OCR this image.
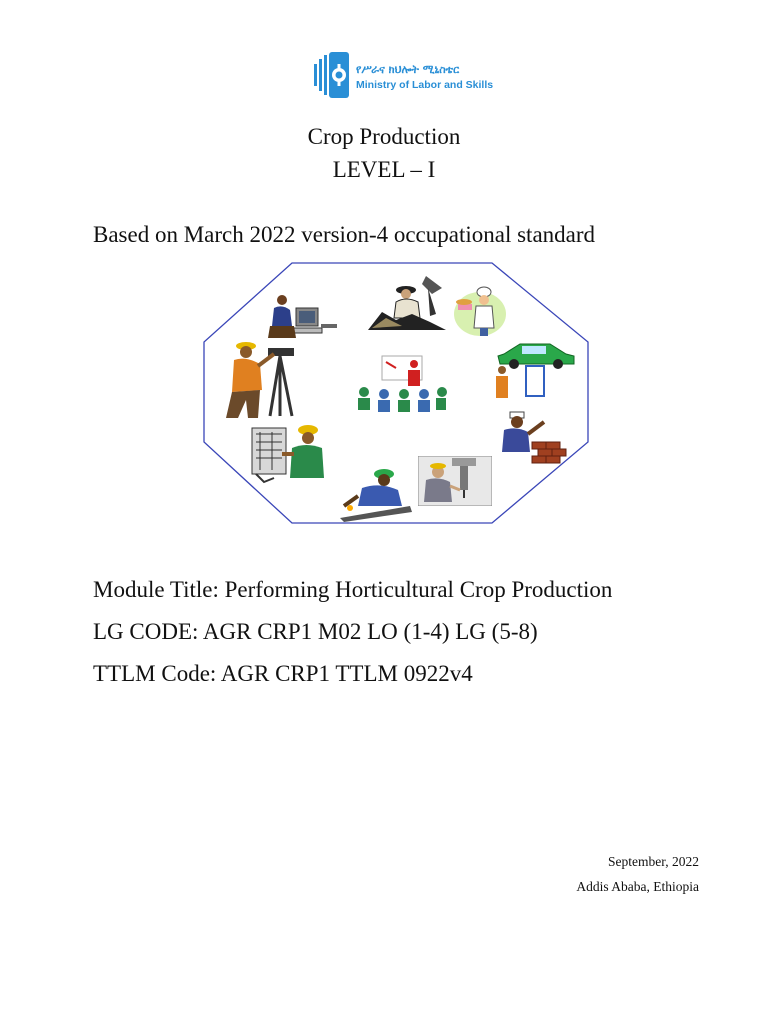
የሥራና ክህሎት ሚኒስቴር
Ministry of Labor and Skills
Crop Production
LEVEL – I
Based on March 2022 version-4 occupational standard
Module Title: Performing Horticultural Crop Production
LG CODE: AGR CRP1 M02 LO (1-4) LG (5-8)
TTLM Code: AGR CRP1 TTLM 0922v4
September, 2022
Addis Ababa, Ethiopia
